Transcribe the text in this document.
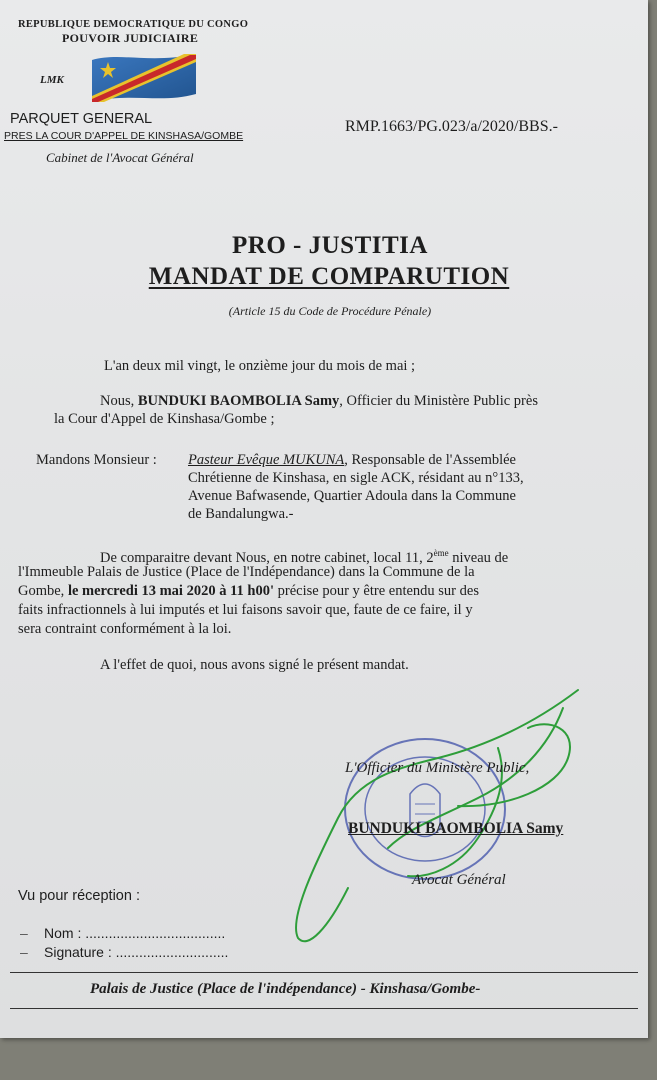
REPUBLIQUE DEMOCRATIQUE DU CONGO
POUVOIR JUDICIAIRE
LMK
PARQUET GENERAL
PRES LA COUR D'APPEL DE KINSHASA/GOMBE
Cabinet de l'Avocat Général
RMP.1663/PG.023/a/2020/BBS.-
PRO - JUSTITIA
MANDAT DE COMPARUTION
(Article 15 du Code de Procédure Pénale)
L'an deux mil vingt, le onzième jour du mois de mai ;
Nous, BUNDUKI BAOMBOLIA Samy, Officier du Ministère Public près
la Cour d'Appel de Kinshasa/Gombe ;
Mandons Monsieur : Pasteur Evêque MUKUNA, Responsable de l'Assemblée
Chrétienne de Kinshasa, en sigle ACK, résidant au n°133,
Avenue Bafwasende, Quartier Adoula dans la Commune
de Bandalungwa.-
De comparaitre devant Nous, en notre cabinet, local 11, 2ème niveau de
l'Immeuble Palais de Justice (Place de l'Indépendance) dans la Commune de la
Gombe, le mercredi 13 mai 2020 à 11 h00' précise pour y être entendu sur des
faits infractionnels à lui imputés et lui faisons savoir que, faute de ce faire, il y
sera contraint conformément à la loi.
A l'effet de quoi, nous avons signé le présent mandat.
L'Officier du Ministère Public,
BUNDUKI BAOMBOLIA Samy
Avocat Général
Vu pour réception :
– Nom : ....................................
– Signature : .............................
Palais de Justice (Place de l'indépendance) - Kinshasa/Gombe-
